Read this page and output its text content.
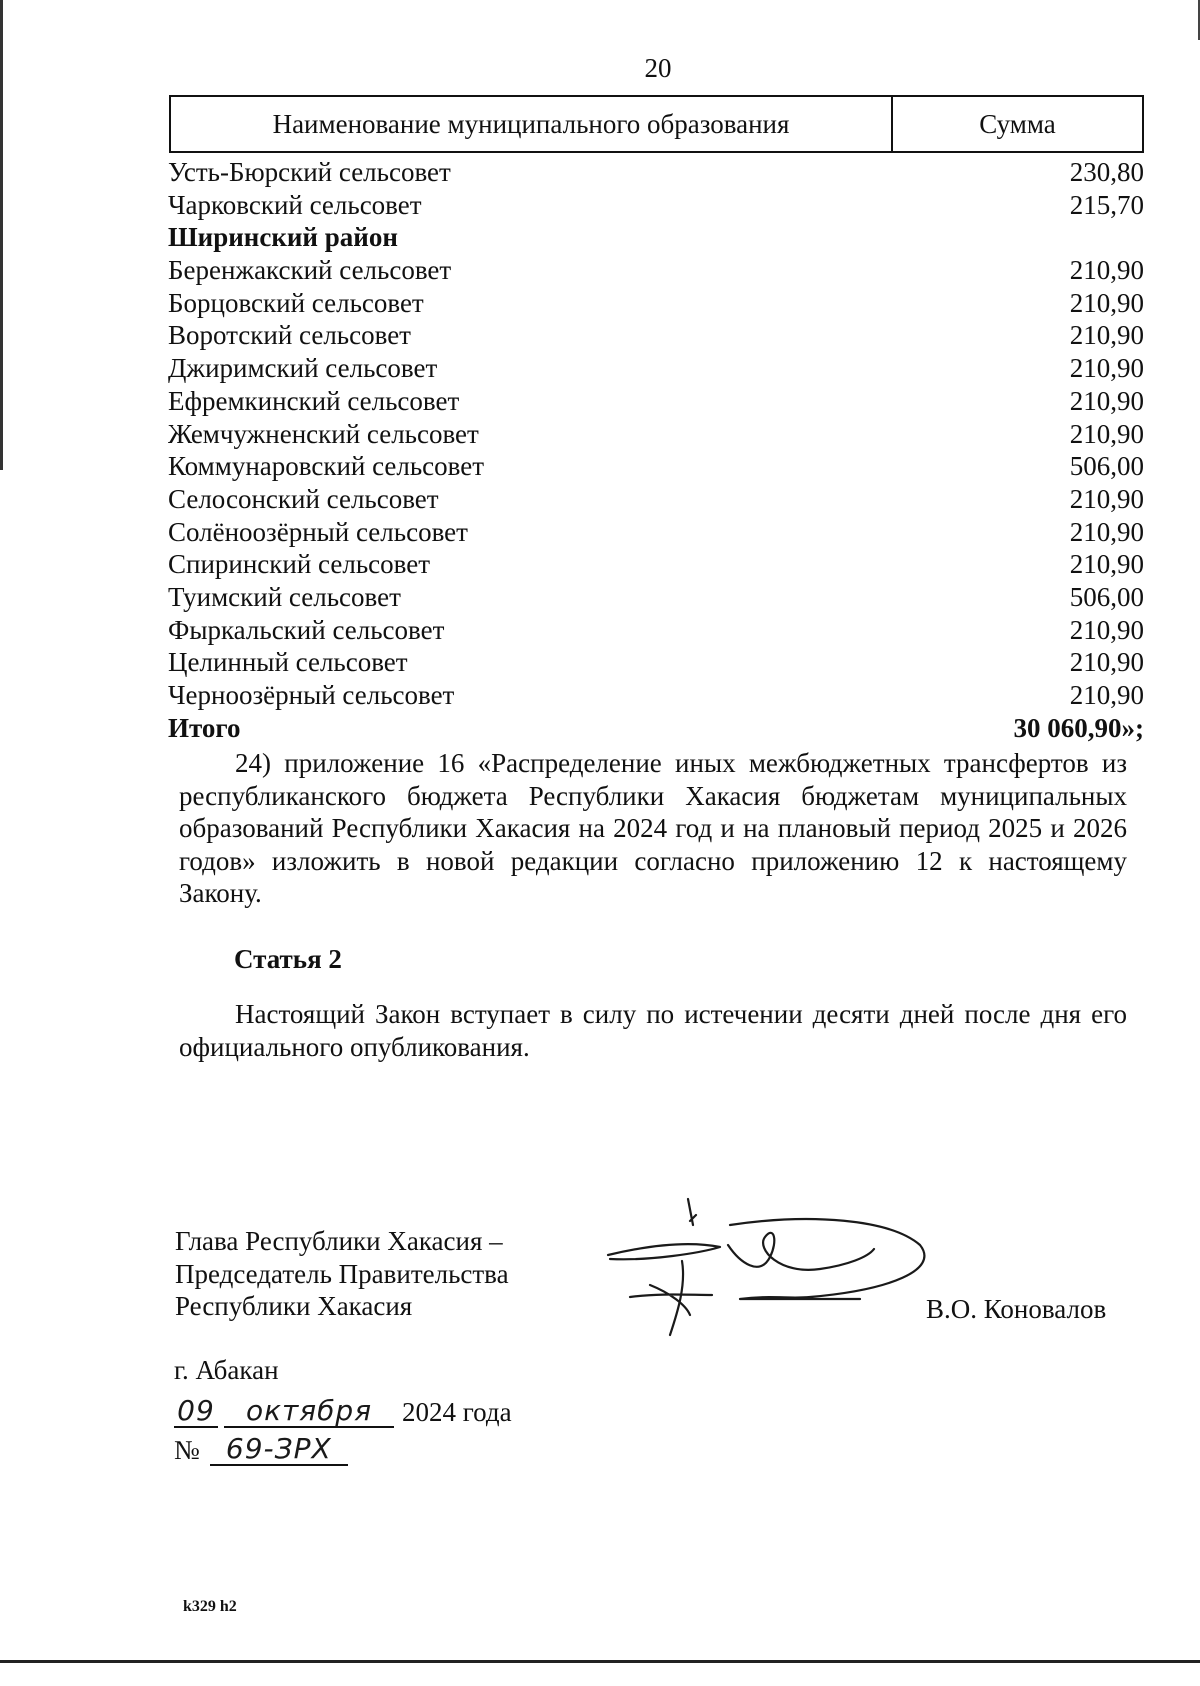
20
Наименование муниципального образования	Сумма
Усть-Бюрский сельсовет	230,80
Чарковский сельсовет	215,70
Ширинский район
Беренжакский сельсовет	210,90
Борцовский сельсовет	210,90
Воротский сельсовет	210,90
Джиримский сельсовет	210,90
Ефремкинский сельсовет	210,90
Жемчужненский сельсовет	210,90
Коммунаровский сельсовет	506,00
Селосонский сельсовет	210,90
Солёноозёрный сельсовет	210,90
Спиринский сельсовет	210,90
Туимский сельсовет	506,00
Фыркальский сельсовет	210,90
Целинный сельсовет	210,90
Черноозёрный сельсовет	210,90
Итого	30 060,90»;
24) приложение 16 «Распределение иных межбюджетных трансфертов из республиканского бюджета Республики Хакасия бюджетам муниципальных образований Республики Хакасия на 2024 год и на плановый период 2025 и 2026 годов» изложить в новой редакции согласно приложению 12 к настоящему Закону.
Статья 2
Настоящий Закон вступает в силу по истечении десяти дней после дня его официального опубликования.
Глава Республики Хакасия –
Председатель Правительства
Республики Хакасия	В.О. Коновалов
г. Абакан
09	октября	2024 года
№ 69-ЗРХ
k329 h2
